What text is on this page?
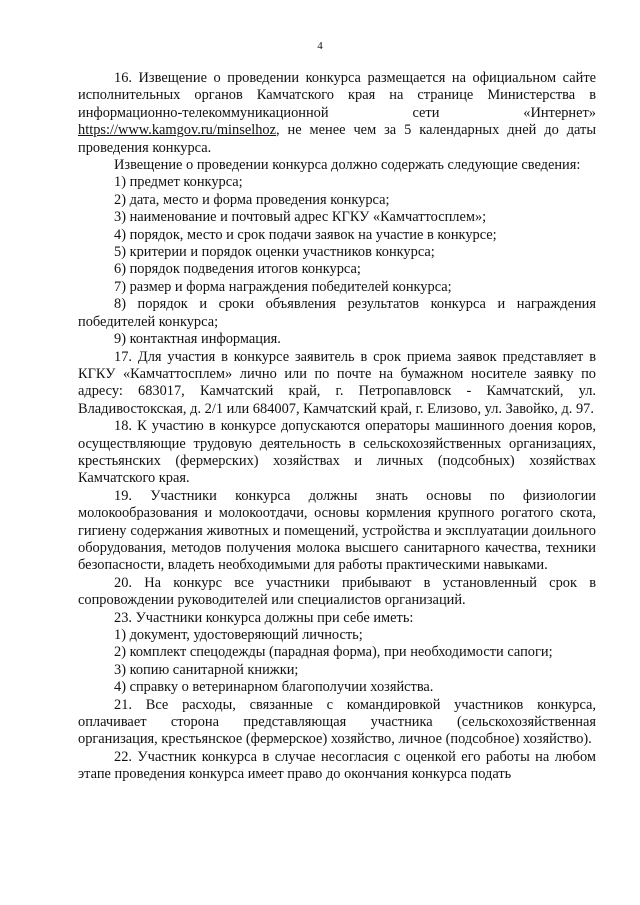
4

16. Извещение о проведении конкурса размещается на официальном сайте исполнительных органов Камчатского края на странице Министерства в информационно-телекоммуникационной сети «Интернет» https://www.kamgov.ru/minselhoz, не менее чем за 5 календарных дней до даты проведения конкурса.

Извещение о проведении конкурса должно содержать следующие сведения:

1) предмет конкурса;

2) дата, место и форма проведения конкурса;

3) наименование и почтовый адрес КГКУ «Камчаттосплем»;

4) порядок, место и срок подачи заявок на участие в конкурсе;

5) критерии и порядок оценки участников конкурса;

6) порядок подведения итогов конкурса;

7) размер и форма награждения победителей конкурса;

8) порядок и сроки объявления результатов конкурса и награждения победителей конкурса;

9) контактная информация.

17. Для участия в конкурсе заявитель в срок приема заявок представляет в КГКУ «Камчаттосплем» лично или по почте на бумажном носителе заявку по адресу: 683017, Камчатский край, г. Петропавловск - Камчатский, ул. Владивостокская, д. 2/1 или 684007, Камчатский край, г. Елизово, ул. Завойко, д. 97.

18. К участию в конкурсе допускаются операторы машинного доения коров, осуществляющие трудовую деятельность в сельскохозяйственных организациях, крестьянских (фермерских) хозяйствах и личных (подсобных) хозяйствах Камчатского края.

19. Участники конкурса должны знать основы по физиологии молокообразования и молокоотдачи, основы кормления крупного рогатого скота, гигиену содержания животных и помещений, устройства и эксплуатации доильного оборудования, методов получения молока высшего санитарного качества, техники безопасности, владеть необходимыми для работы практическими навыками.

20. На конкурс все участники прибывают в установленный срок в сопровождении руководителей или специалистов организаций.

23. Участники конкурса должны при себе иметь:

1) документ, удостоверяющий личность;

2) комплект спецодежды (парадная форма), при необходимости сапоги;

3) копию санитарной книжки;

4) справку о ветеринарном благополучии хозяйства.

21. Все расходы, связанные с командировкой участников конкурса, оплачивает сторона представляющая участника (сельскохозяйственная организация, крестьянское (фермерское) хозяйство, личное (подсобное) хозяйство).

22. Участник конкурса в случае несогласия с оценкой его работы на любом этапе проведения конкурса имеет право до окончания конкурса подать
